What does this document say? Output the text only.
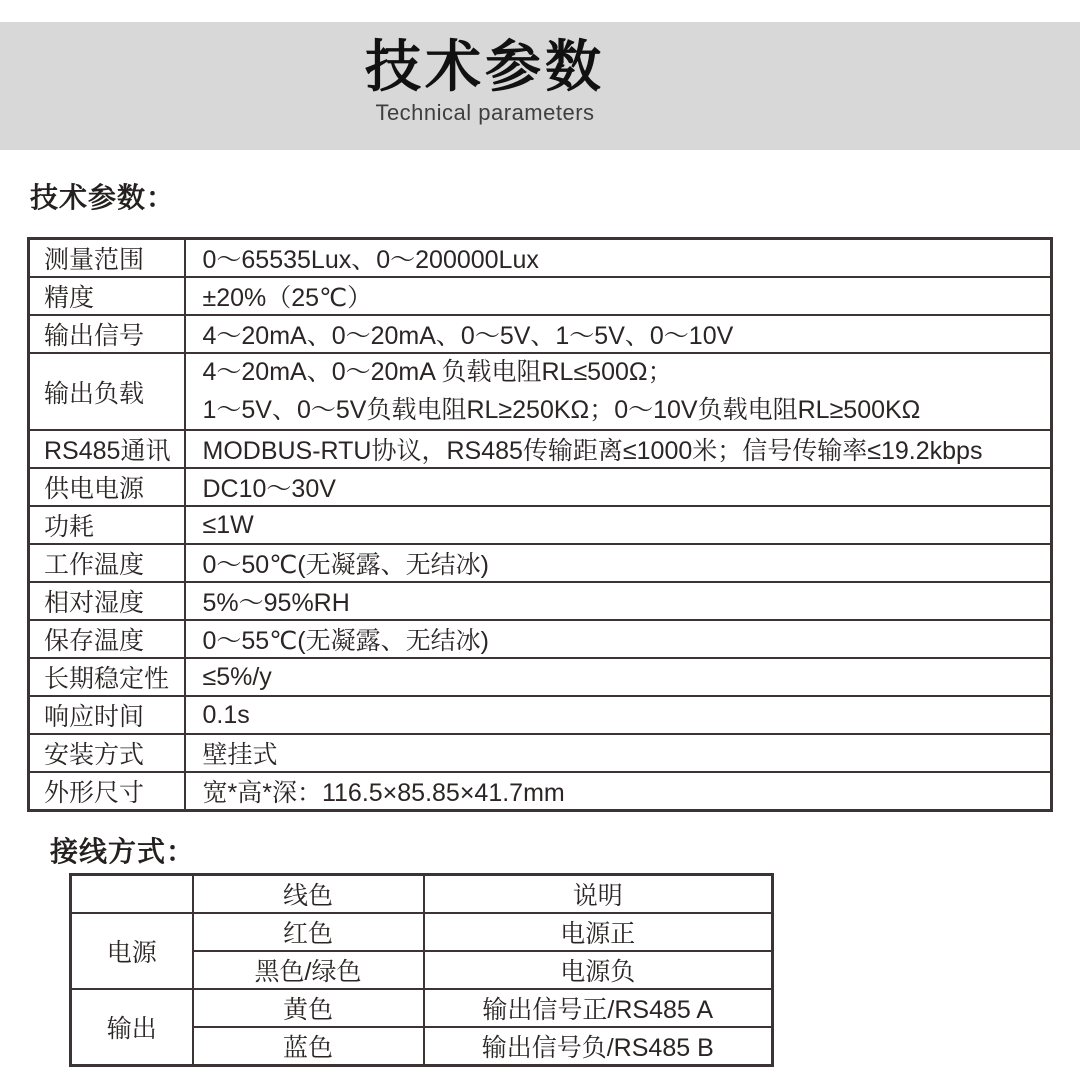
技术参数
Technical parameters
技术参数：
测量范围	0～65535Lux、0～200000Lux
精度	±20%（25℃）
输出信号	4～20mA、0～20mA、0～5V、1～5V、0～10V
输出负载	4～20mA、0～20mA 负载电阻RL≤500Ω；
1～5V、0～5V负载电阻RL≥250KΩ；0～10V负载电阻RL≥500KΩ

RS485通讯	MODBUS-RTU协议，RS485传输距离≤1000米；信号传输率≤19.2kbps
供电电源	DC10～30V
功耗	≤1W
工作温度	0～50℃(无凝露、无结冰)
相对湿度	5%～95%RH
保存温度	0～55℃(无凝露、无结冰)
长期稳定性	≤5%/y
响应时间	0.1s
安装方式	壁挂式
外形尺寸	宽*高*深：116.5×85.85×41.7mm
接线方式：
	线色	说明
电源	红色	电源正
	黑色/绿色	电源负
输出	黄色	输出信号正/RS485 A
	蓝色	输出信号负/RS485 B
